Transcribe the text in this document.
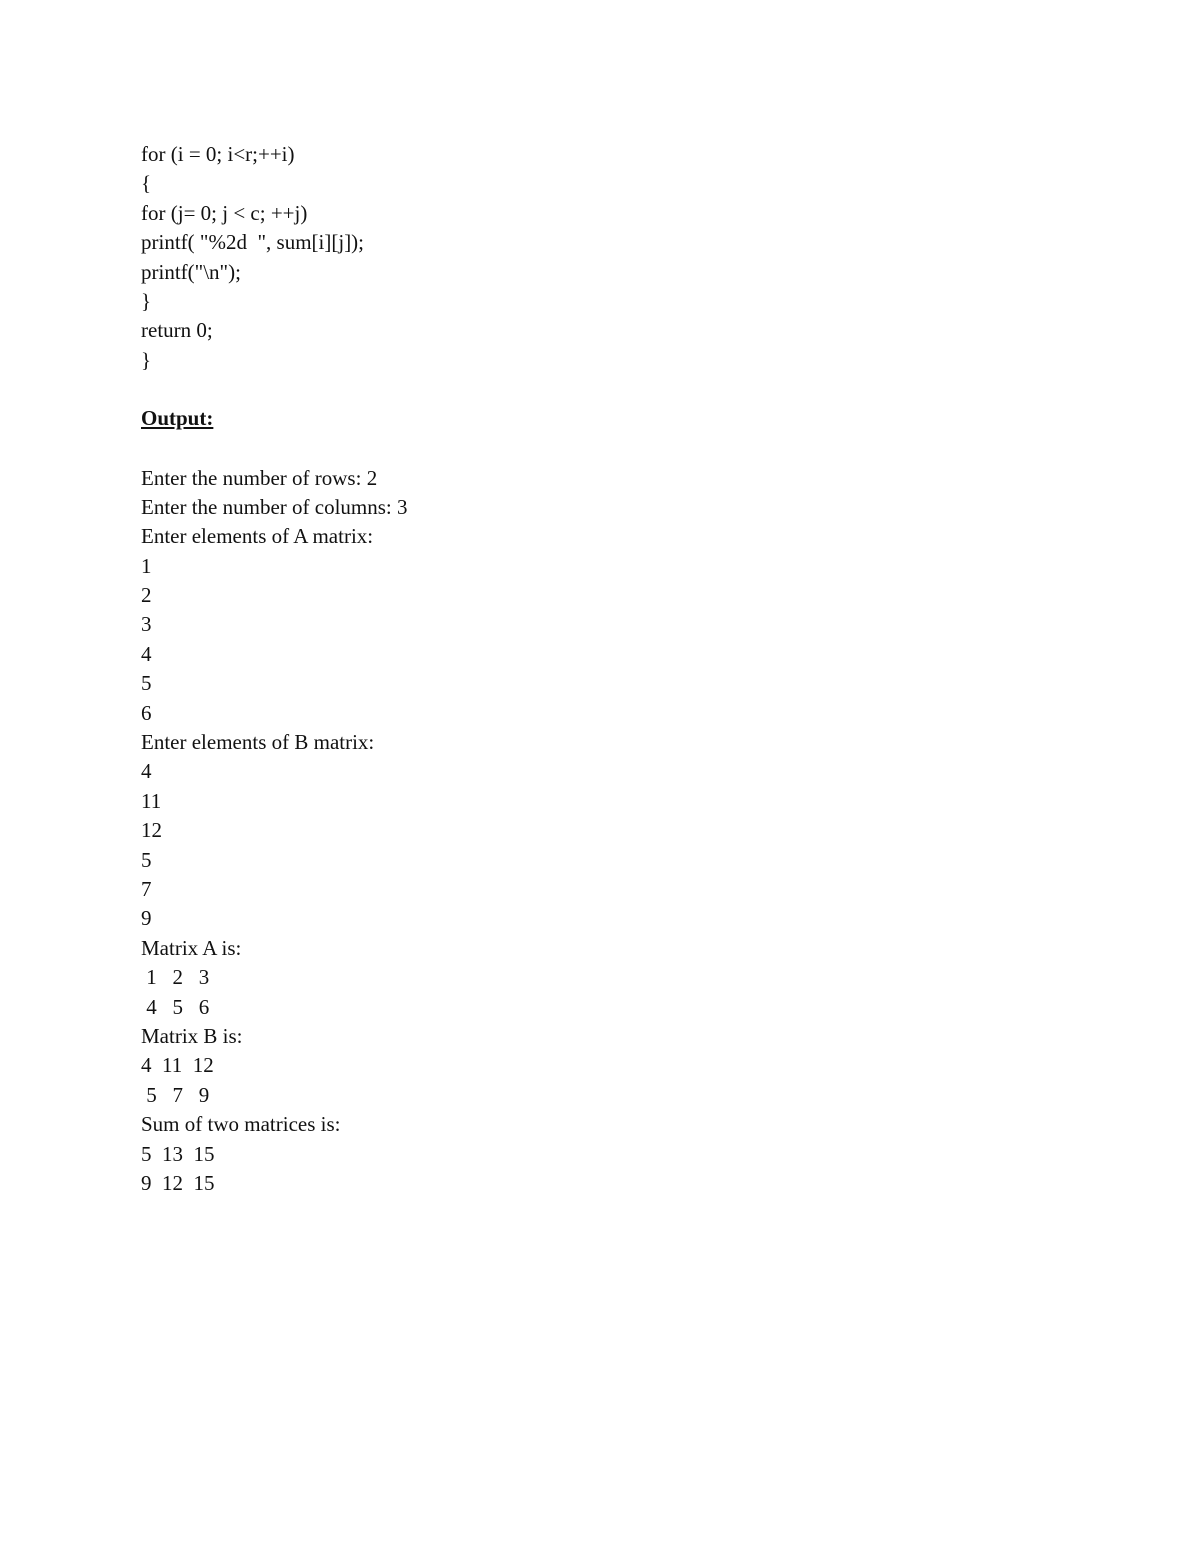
for (i = 0; i<r;++i)
{
for (j= 0; j < c; ++j)
printf( "%2d  ", sum[i][j]);
printf("\n");
}
return 0;
}
Output:
Enter the number of rows: 2
Enter the number of columns: 3
Enter elements of A matrix:
1
2
3
4
5
6
Enter elements of B matrix:
4
11
12
5
7
9
Matrix A is:
1   2   3
4   5   6
Matrix B is:
4  11  12
5   7   9
Sum of two matrices is:
5  13  15
9  12  15
